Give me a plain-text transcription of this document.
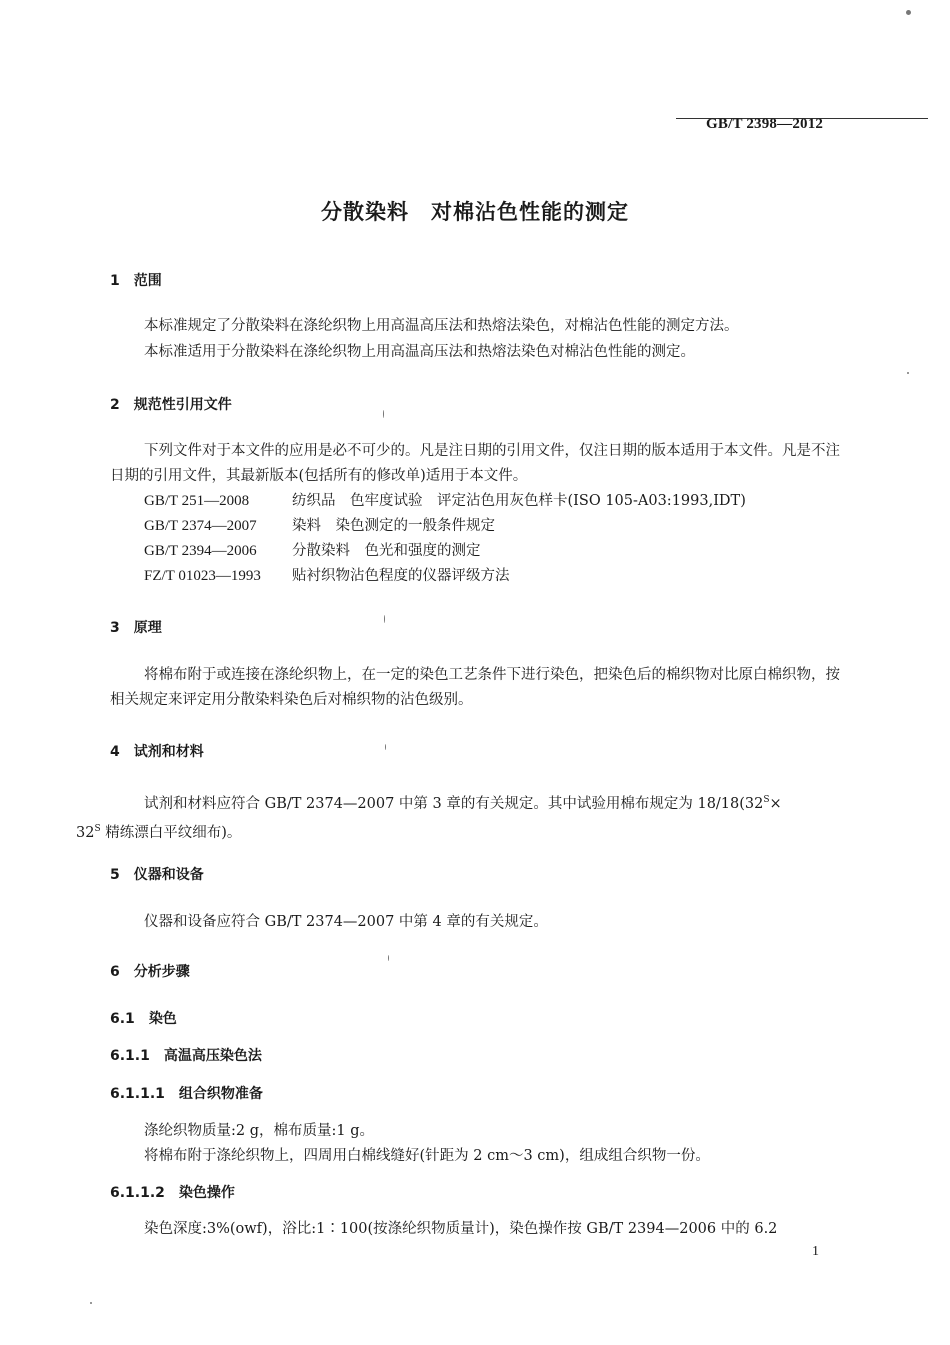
GB/T 2398—2012
分散染料　对棉沾色性能的测定
1 范围
本标准规定了分散染料在涤纶织物上用高温高压法和热熔法染色，对棉沾色性能的测定方法。
本标准适用于分散染料在涤纶织物上用高温高压法和热熔法染色对棉沾色性能的测定。
2 规范性引用文件
下列文件对于本文件的应用是必不可少的。凡是注日期的引用文件，仅注日期的版本适用于本文件。凡是不注日期的引用文件，其最新版本(包括所有的修改单)适用于本文件。
GB/T 251—2008	纺织品　色牢度试验　评定沾色用灰色样卡(ISO 105-A03:1993,IDT)
GB/T 2374—2007 染料　染色测定的一般条件规定
GB/T 2394—2006 分散染料　色光和强度的测定
FZ/T 01023—1993 贴衬织物沾色程度的仪器评级方法
3 原理
将棉布附于或连接在涤纶织物上，在一定的染色工艺条件下进行染色，把染色后的棉织物对比原白棉织物，按相关规定来评定用分散染料染色后对棉织物的沾色级别。
4 试剂和材料
试剂和材料应符合 GB/T 2374—2007 中第 3 章的有关规定。其中试验用棉布规定为 $18/18(32^S\times$
$32^S$ 精练漂白平纹细布)。
5 仪器和设备
仪器和设备应符合 GB/T 2374—2007 中第 4 章的有关规定。
6 分析步骤
6.1 染色
6.1.1 高温高压染色法
6.1.1.1 组合织物准备
涤纶织物质量:2 g，棉布质量:1 g。
将棉布附于涤纶织物上，四周用白棉线缝好(针距为 2 cm～3 cm)，组成组合织物一份。
6.1.1.2 染色操作
染色深度:3%(owf)，浴比:1∶100(按涤纶织物质量计)，染色操作按 GB/T 2394—2006 中的 6.2
1
